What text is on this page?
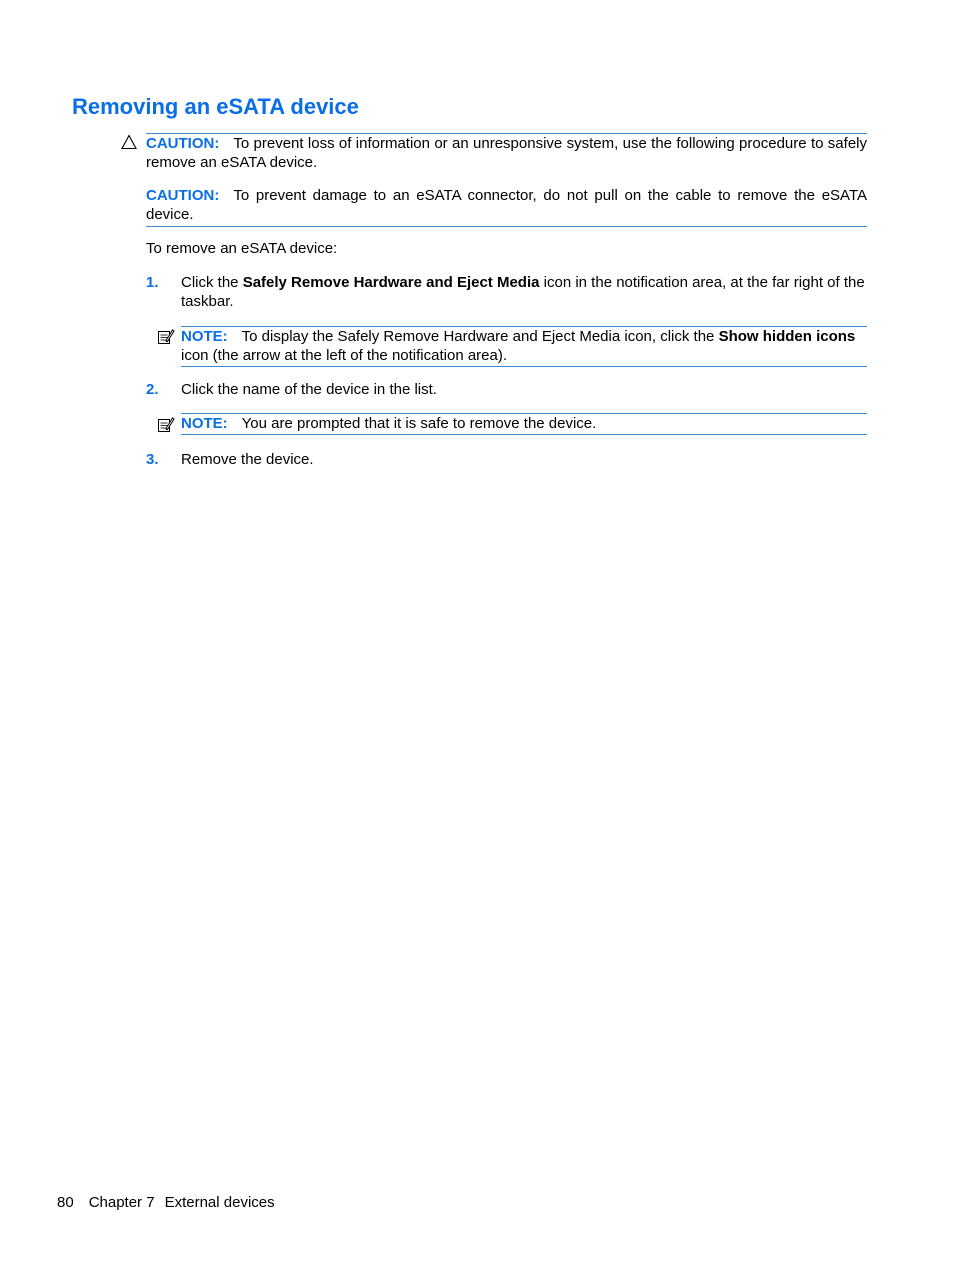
Removing an eSATA device
CAUTION: To prevent loss of information or an unresponsive system, use the following procedure to safely remove an eSATA device.
CAUTION: To prevent damage to an eSATA connector, do not pull on the cable to remove the eSATA device.
To remove an eSATA device:
1. Click the Safely Remove Hardware and Eject Media icon in the notification area, at the far right of the taskbar.
NOTE: To display the Safely Remove Hardware and Eject Media icon, click the Show hidden icons icon (the arrow at the left of the notification area).
2. Click the name of the device in the list.
NOTE: You are prompted that it is safe to remove the device.
3. Remove the device.
80 Chapter 7 External devices
